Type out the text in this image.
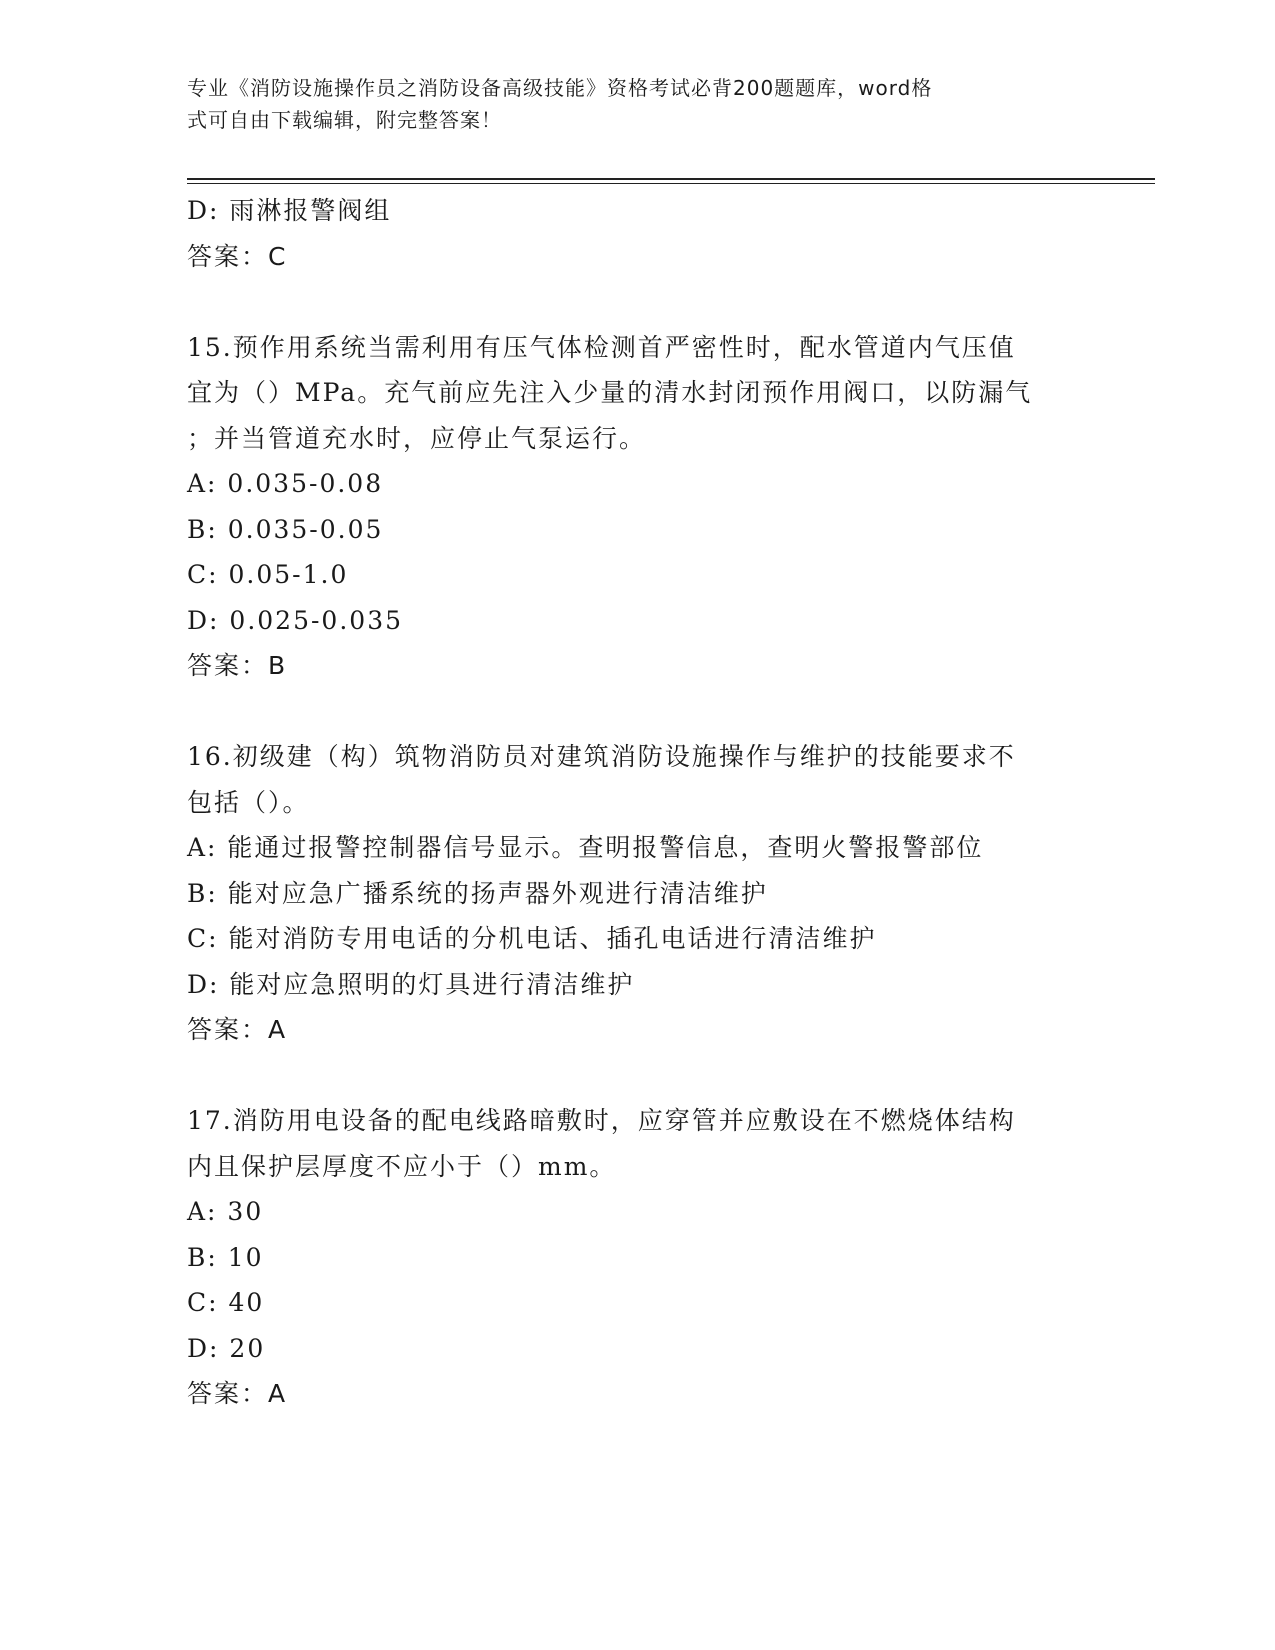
专业《消防设施操作员之消防设备高级技能》资格考试必背200题题库，word格
式可自由下载编辑，附完整答案！
D: 雨淋报警阀组
答案：C
15.预作用系统当需利用有压气体检测首严密性时，配水管道内气压值
宜为（）MPa。充气前应先注入少量的清水封闭预作用阀口，以防漏气
；并当管道充水时，应停止气泵运行。
A: 0.035-0.08
B: 0.035-0.05
C: 0.05-1.0
D: 0.025-0.035
答案：B
16.初级建（构）筑物消防员对建筑消防设施操作与维护的技能要求不
包括（）。
A: 能通过报警控制器信号显示。查明报警信息，查明火警报警部位
B: 能对应急广播系统的扬声器外观进行清洁维护
C: 能对消防专用电话的分机电话、插孔电话进行清洁维护
D: 能对应急照明的灯具进行清洁维护
答案：A
17.消防用电设备的配电线路暗敷时，应穿管并应敷设在不燃烧体结构
内且保护层厚度不应小于（）mm。
A: 30
B: 10
C: 40
D: 20
答案：A
